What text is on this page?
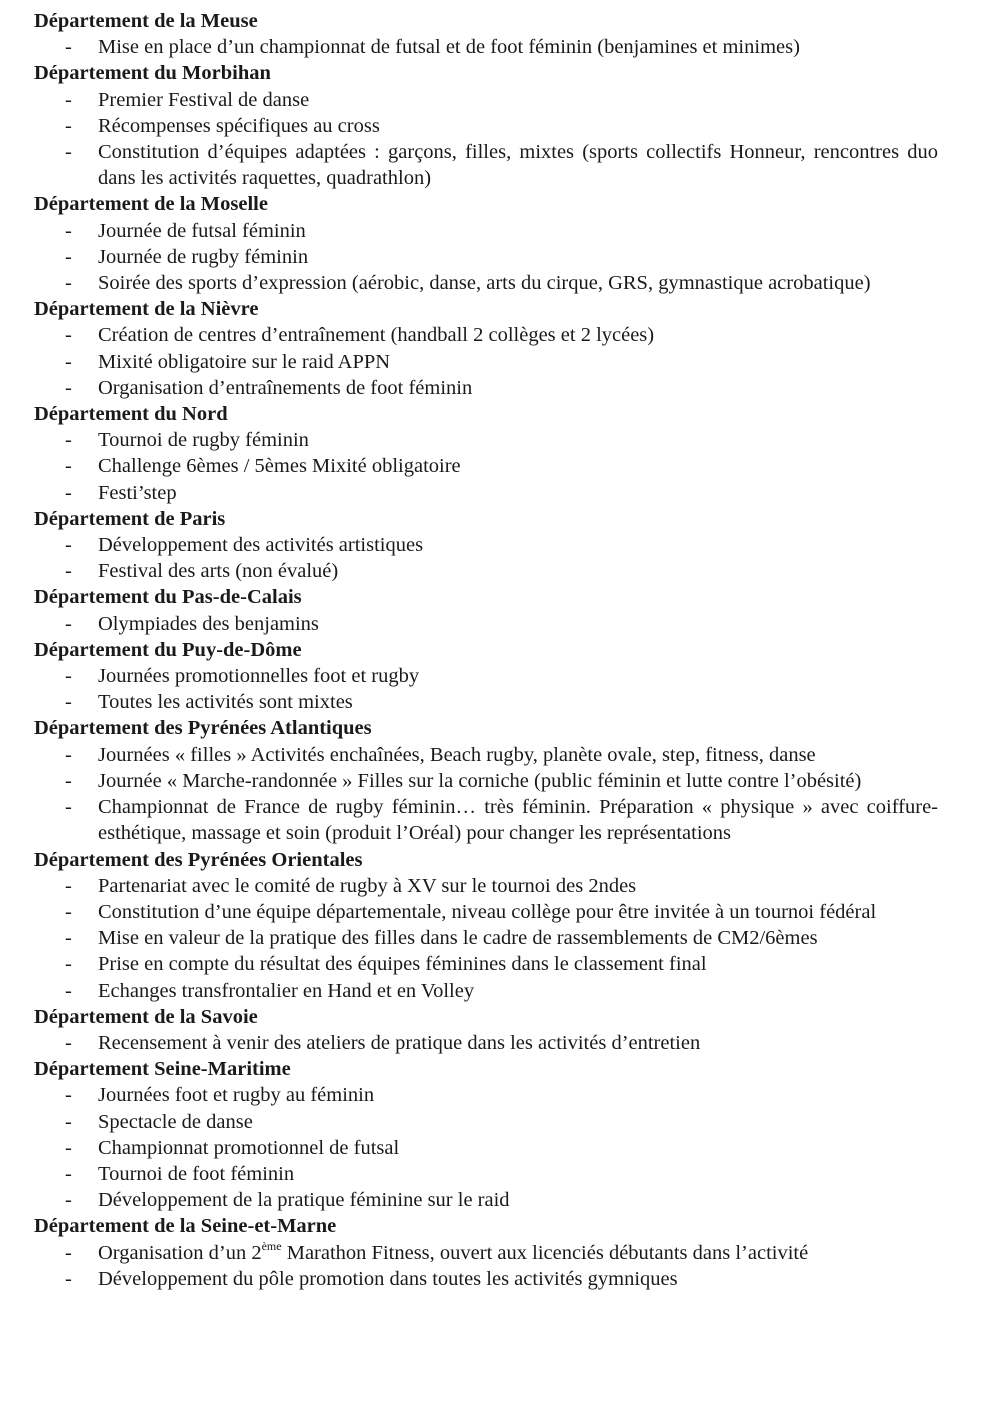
Département de la Meuse
- Mise en place d’un championnat de futsal et de foot féminin (benjamines et minimes)
Département du Morbihan
- Premier Festival de danse
- Récompenses spécifiques au cross
- Constitution d’équipes adaptées : garçons, filles, mixtes (sports collectifs Honneur, rencontres duo dans les activités raquettes, quadrathlon)
Département de la Moselle
- Journée de futsal féminin
- Journée de rugby féminin
- Soirée des sports d’expression (aérobic, danse, arts du cirque, GRS, gymnastique acrobatique)
Département de la Nièvre
- Création de centres d’entraînement (handball 2 collèges et 2 lycées)
- Mixité obligatoire sur le raid APPN
- Organisation d’entraînements de foot féminin
Département du Nord
- Tournoi de rugby féminin
- Challenge 6èmes / 5èmes Mixité obligatoire
- Festi’step
Département de Paris
- Développement des activités artistiques
- Festival des arts (non évalué)
Département du Pas-de-Calais
- Olympiades des benjamins
Département du Puy-de-Dôme
- Journées promotionnelles foot et rugby
- Toutes les activités sont mixtes
Département des Pyrénées Atlantiques
- Journées « filles » Activités enchaînées, Beach rugby, planète ovale, step, fitness, danse
- Journée « Marche-randonnée » Filles sur la corniche (public féminin et lutte contre l’obésité)
- Championnat de France de rugby féminin… très féminin. Préparation « physique » avec coiffure-esthétique, massage et soin (produit l’Oréal) pour changer les représentations
Département des Pyrénées Orientales
- Partenariat avec le comité de rugby à XV sur le tournoi des 2ndes
- Constitution d’une équipe départementale, niveau collège pour être invitée à un tournoi fédéral
- Mise en valeur de la pratique des filles dans le cadre de rassemblements de CM2/6èmes
- Prise en compte du résultat des équipes féminines dans le classement final
- Echanges transfrontalier en Hand et en Volley
Département de la Savoie
- Recensement à venir des ateliers de pratique dans les activités d’entretien
Département Seine-Maritime
- Journées foot et rugby au féminin
- Spectacle de danse
- Championnat promotionnel de futsal
- Tournoi de foot féminin
- Développement de la pratique féminine sur le raid
Département de la Seine-et-Marne
- Organisation d’un 2ème Marathon Fitness, ouvert aux licenciés débutants dans l’activité
- Développement du pôle promotion dans toutes les activités gymniques
